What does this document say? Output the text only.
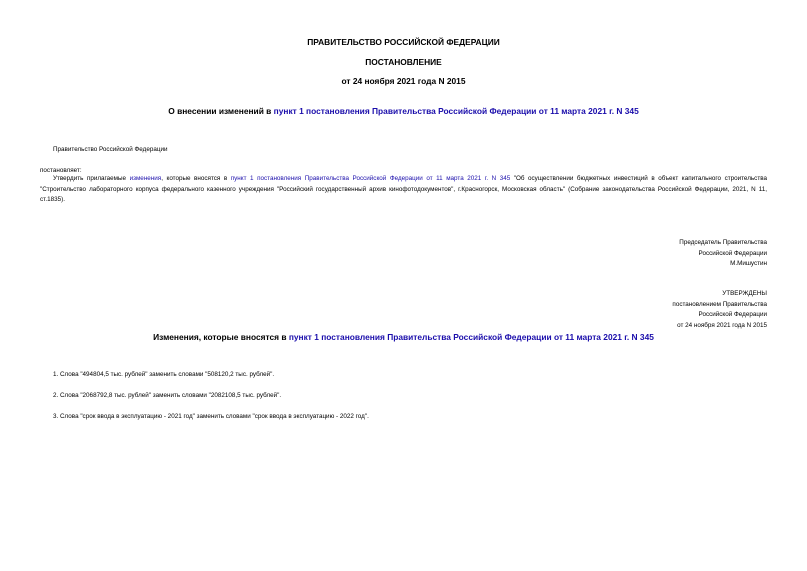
ПРАВИТЕЛЬСТВО РОССИЙСКОЙ ФЕДЕРАЦИИ
ПОСТАНОВЛЕНИЕ
от 24 ноября 2021 года N 2015
О внесении изменений в пункт 1 постановления Правительства Российской Федерации от 11 марта 2021 г. N 345
Правительство Российской Федерации
постановляет:
Утвердить прилагаемые изменения, которые вносятся в пункт 1 постановления Правительства Российской Федерации от 11 марта 2021 г. N 345 "Об осуществлении бюджетных инвестиций в объект капитального строительства "Строительство лабораторного корпуса федерального казенного учреждения "Российский государственный архив кинофотодокументов", г.Красногорск, Московская область" (Собрание законодательства Российской Федерации, 2021, N 11, ст.1835).
Председатель Правительства
Российской Федерации
М.Мишустин
УТВЕРЖДЕНЫ
постановлением Правительства
Российской Федерации
от 24 ноября 2021 года N 2015
Изменения, которые вносятся в пункт 1 постановления Правительства Российской Федерации от 11 марта 2021 г. N 345
1. Слова "494804,5 тыс. рублей" заменить словами "508120,2 тыс. рублей".
2. Слова "2068792,8 тыс. рублей" заменить словами "2082108,5 тыс. рублей".
3. Слова "срок ввода в эксплуатацию - 2021 год" заменить словами "срок ввода в эксплуатацию - 2022 год".
